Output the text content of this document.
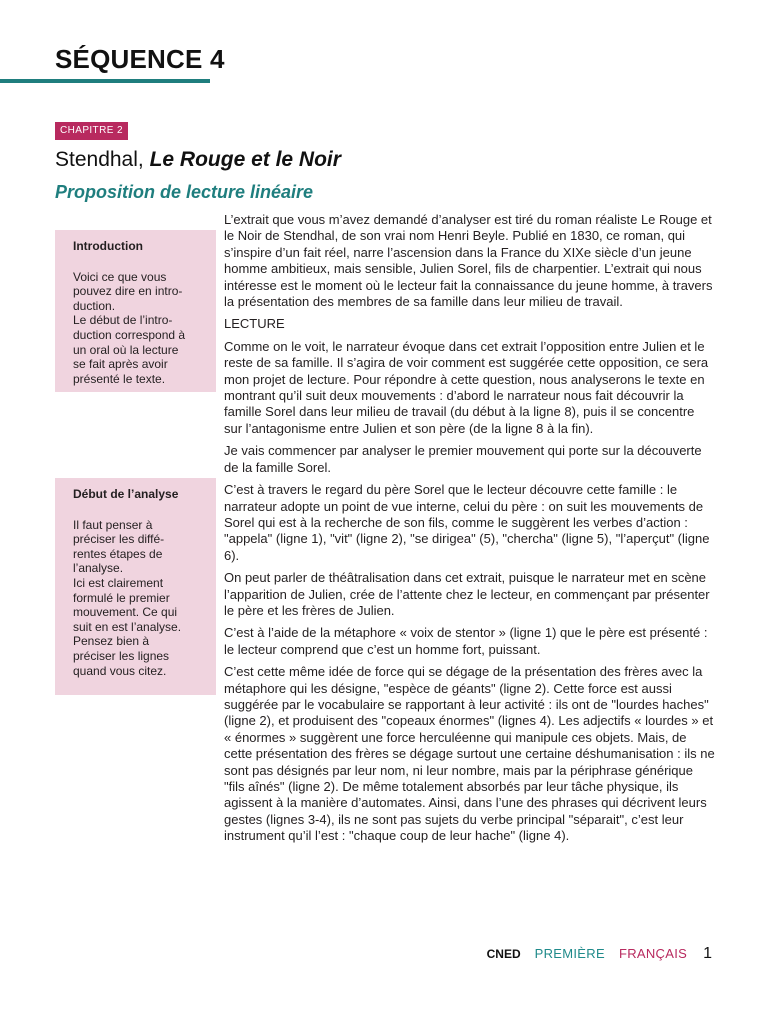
SÉQUENCE 4
CHAPITRE 2
Stendhal, Le Rouge et le Noir
Proposition de lecture linéaire
Introduction

Voici ce que vous
pouvez dire en intro-
duction.
Le début de l’intro-
duction correspond à
un oral où la lecture
se fait après avoir
présenté le texte.

Début de l’analyse

Il faut penser à
préciser les diffé-
rentes étapes de
l’analyse.
Ici est clairement
formulé le premier
mouvement. Ce qui
suit en est l’analyse.
Pensez bien à
préciser les lignes
quand vous citez.

L’extrait que vous m’avez demandé d’analyser est tiré du roman réaliste Le Rouge et le Noir de Stendhal, de son vrai nom Henri Beyle. Publié en 1830, ce roman, qui s’inspire d’un fait réel, narre l’ascension dans la France du XIXe siècle d’un jeune homme ambitieux, mais sensible, Julien Sorel, fils de charpentier. L’extrait qui nous intéresse est le moment où le lecteur fait la connaissance du jeune homme, à travers la présentation des membres de sa famille dans leur milieu de travail.

LECTURE

Comme on le voit, le narrateur évoque dans cet extrait l’opposition entre Julien et le reste de sa famille. Il s’agira de voir comment est suggérée cette opposition, ce sera mon projet de lecture. Pour répondre à cette question, nous analyserons le texte en montrant qu’il suit deux mouvements : d’abord le narrateur nous fait découvrir la famille Sorel dans leur milieu de travail (du début à la ligne 8), puis il se concentre sur l’antagonisme entre Julien et son père (de la ligne 8 à la fin).

Je vais commencer par analyser le premier mouvement qui porte sur la découverte de la famille Sorel.

C’est à travers le regard du père Sorel que le lecteur découvre cette famille : le narrateur adopte un point de vue interne, celui du père : on suit les mouvements de Sorel qui est à la recherche de son fils, comme le suggèrent les verbes d’action : "appela" (ligne 1), "vit" (ligne 2), "se dirigea" (5), "chercha" (ligne 5), "l’aperçut" (ligne 6).

On peut parler de théâtralisation dans cet extrait, puisque le narrateur met en scène l’apparition de Julien, crée de l’attente chez le lecteur, en commençant par présenter le père et les frères de Julien.

C’est à l’aide de la métaphore « voix de stentor » (ligne 1) que le père est présenté : le lecteur comprend que c’est un homme fort, puissant.

C’est cette même idée de force qui se dégage de la présentation des frères avec la métaphore qui les désigne, "espèce de géants" (ligne 2). Cette force est aussi suggérée par le vocabulaire se rapportant à leur activité : ils ont de "lourdes haches" (ligne 2), et produisent des "copeaux énormes" (lignes 4). Les adjectifs « lourdes » et « énormes » suggèrent une force herculéenne qui manipule ces objets. Mais, de cette présentation des frères se dégage surtout une certaine déshumanisation : ils ne sont pas désignés par leur nom, ni leur nombre, mais par la périphrase générique "fils aînés" (ligne 2). De même totalement absorbés par leur tâche physique, ils agissent à la manière d’automates. Ainsi, dans l’une des phrases qui décrivent leurs gestes (lignes 3-4), ils ne sont pas sujets du verbe principal "séparait", c’est leur instrument qu’il l’est : "chaque coup de leur hache" (ligne 4).

CNED PREMIÈRE FRANÇAIS 1
